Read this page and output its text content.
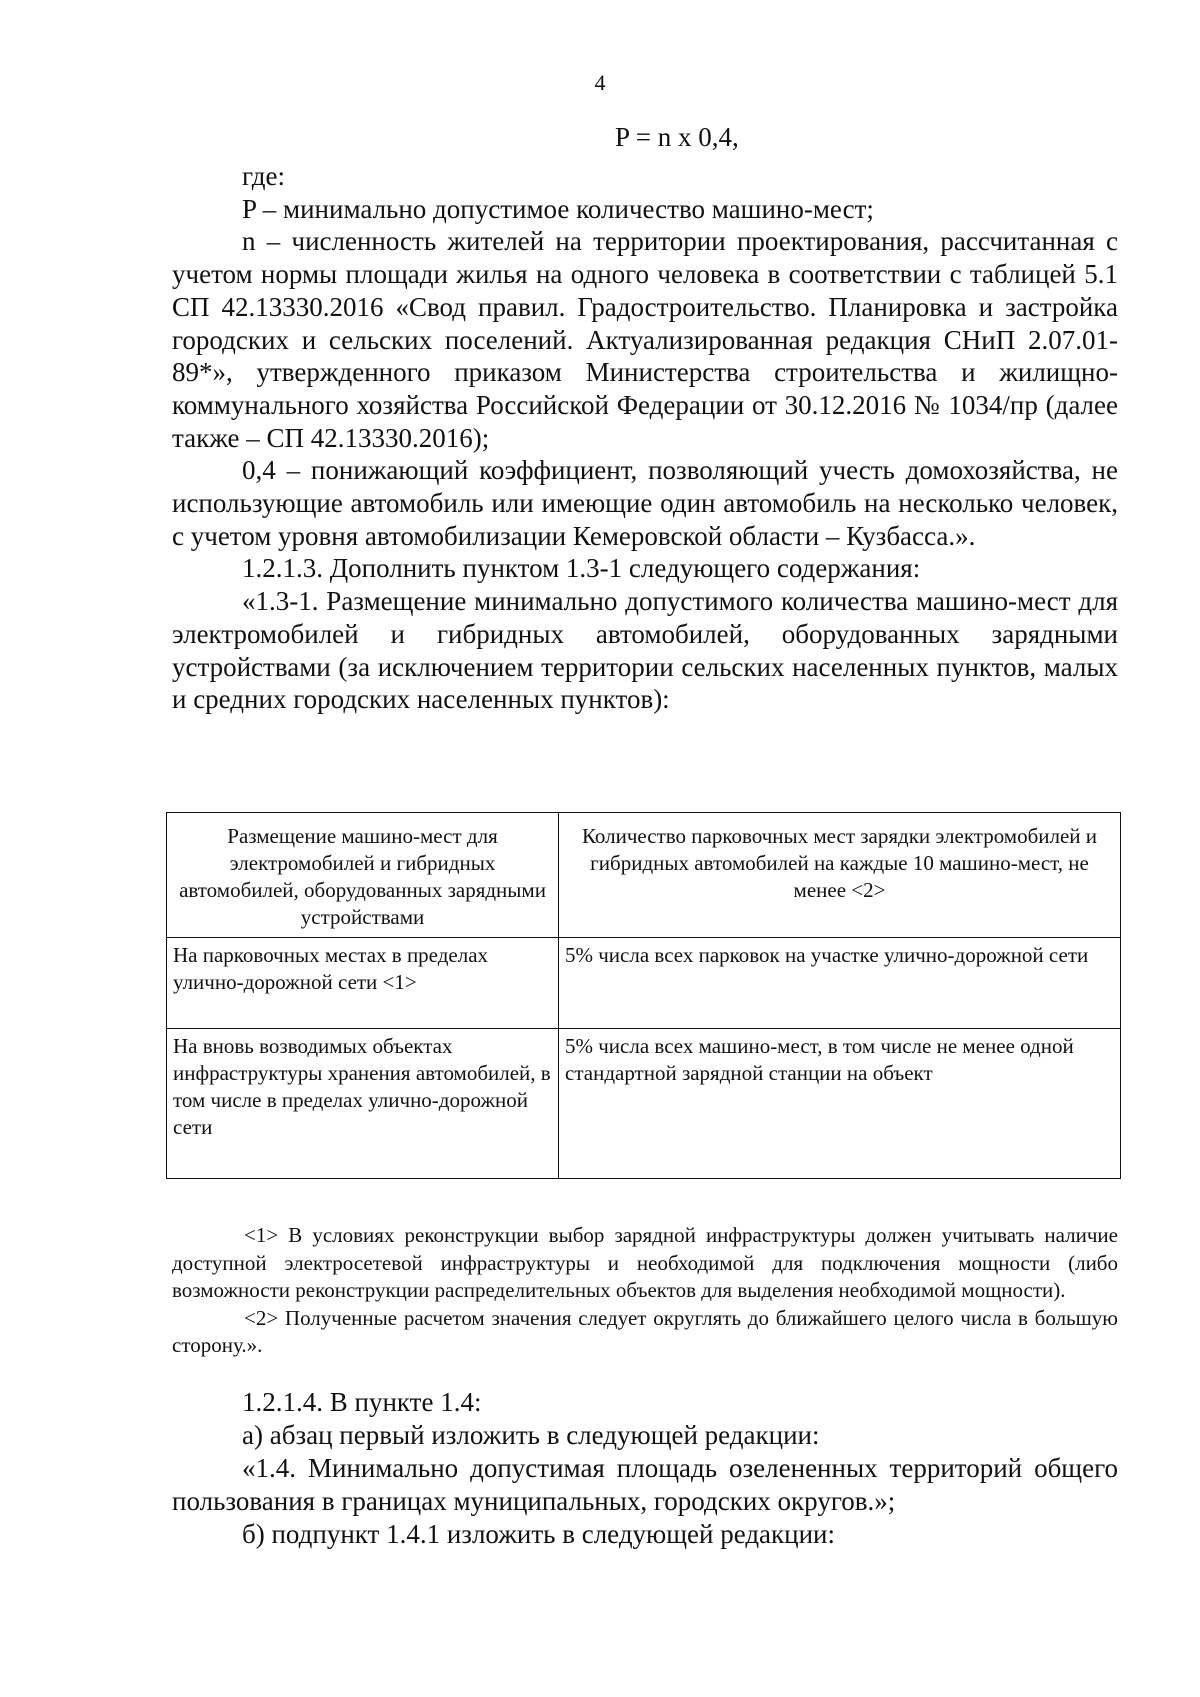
4
P = n x 0,4,

где:

P – минимально допустимое количество машино-мест;

n – численность жителей на территории проектирования, рассчитанная с учетом нормы площади жилья на одного человека в соответствии с таблицей 5.1 СП 42.13330.2016 «Свод правил. Градостроительство. Планировка и застройка городских и сельских поселений. Актуализированная редакция СНиП 2.07.01-89*», утвержденного приказом Министерства строительства и жилищно-коммунального хозяйства Российской Федерации от 30.12.2016 № 1034/пр (далее также – СП 42.13330.2016);

0,4 – понижающий коэффициент, позволяющий учесть домохозяйства, не использующие автомобиль или имеющие один автомобиль на несколько человек, с учетом уровня автомобилизации Кемеровской области – Кузбасса.».

1.2.1.3. Дополнить пунктом 1.3-1 следующего содержания:

«1.3-1. Размещение минимально допустимого количества машино-мест для электромобилей и гибридных автомобилей, оборудованных зарядными устройствами (за исключением территории сельских населенных пунктов, малых и средних городских населенных пунктов):

Размещение машино-мест для электромобилей и гибридных автомобилей, оборудованных зарядными устройствами	Количество парковочных мест зарядки электромобилей и гибридных автомобилей на каждые 10 машино-мест, не менее <2>
На парковочных местах в пределах улично-дорожной сети <1>	5% числа всех парковок на участке улично-дорожной сети
На вновь возводимых объектах инфраструктуры хранения автомобилей, в том числе в пределах улично-дорожной сети	5% числа всех машино-мест, в том числе не менее одной стандартной зарядной станции на объект

<1> В условиях реконструкции выбор зарядной инфраструктуры должен учитывать наличие доступной электросетевой инфраструктуры и необходимой для подключения мощности (либо возможности реконструкции распределительных объектов для выделения необходимой мощности).

<2> Полученные расчетом значения следует округлять до ближайшего целого числа в большую сторону.».

1.2.1.4. В пункте 1.4:

а) абзац первый изложить в следующей редакции:

«1.4. Минимально допустимая площадь озелененных территорий общего пользования в границах муниципальных, городских округов.»;

б) подпункт 1.4.1 изложить в следующей редакции:
